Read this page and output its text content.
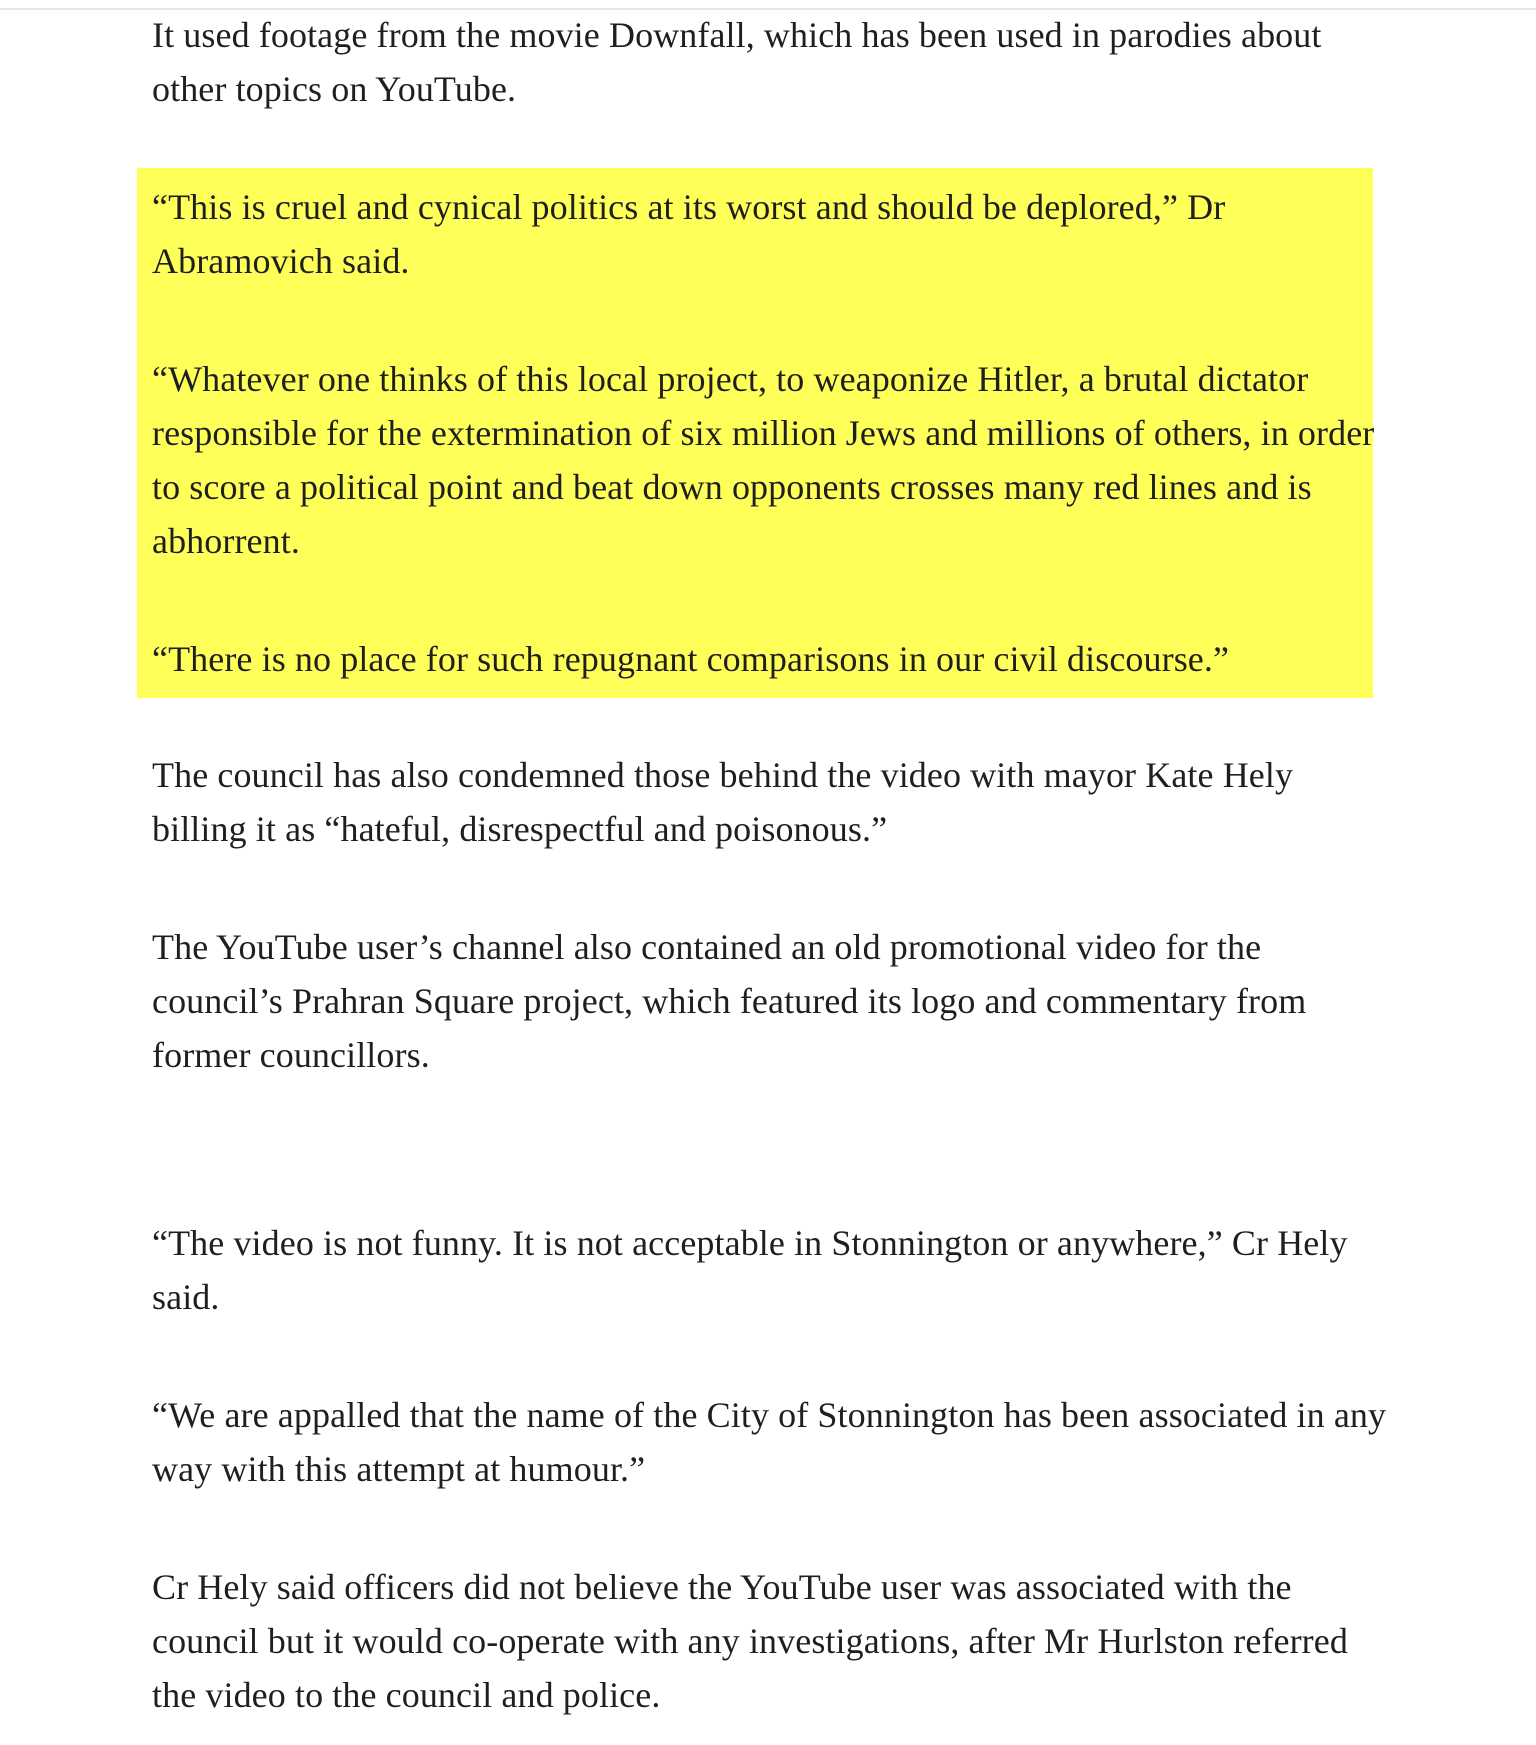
It used footage from the movie Downfall, which has been used in parodies about other topics on YouTube.

“This is cruel and cynical politics at its worst and should be deplored,” Dr Abramovich said.

“Whatever one thinks of this local project, to weaponize Hitler, a brutal dictator responsible for the extermination of six million Jews and millions of others, in order to score a political point and beat down opponents crosses many red lines and is abhorrent.

“There is no place for such repugnant comparisons in our civil discourse.”

The council has also condemned those behind the video with mayor Kate Hely billing it as “hateful, disrespectful and poisonous.”

The YouTube user’s channel also contained an old promotional video for the council’s Prahran Square project, which featured its logo and commentary from former councillors.

“The video is not funny. It is not acceptable in Stonnington or anywhere,” Cr Hely said.

“We are appalled that the name of the City of Stonnington has been associated in any way with this attempt at humour.”

Cr Hely said officers did not believe the YouTube user was associated with the council but it would co-operate with any investigations, after Mr Hurlston referred the video to the council and police.
